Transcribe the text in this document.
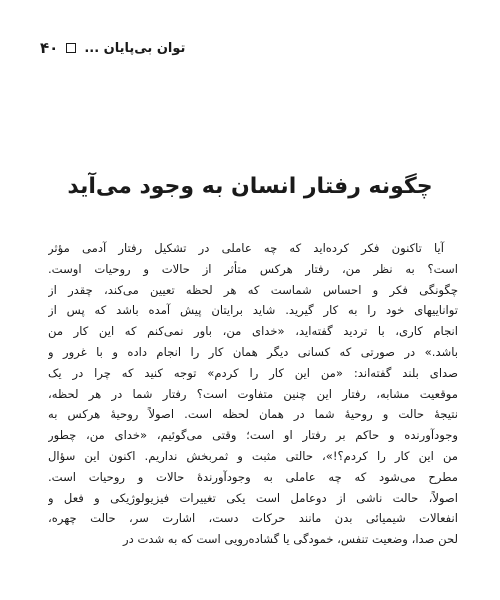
۴۰ توان بی‌پایان ...
چگونه رفتار انسان به وجود می‌آید
آیا تاکنون فکر کرده‌اید که چه عاملی در تشکیل رفتار آدمی مؤثر
است؟ به نظر من، رفتار هر‌کس متأثر از حالات و روحیات اوست.
چگونگی فکر و احساس شماست که هر لحظه تعیین می‌کند، چقدر از
تواناییهای خود را به کار گیرید. شاید برایتان پیش آمده باشد که پس از
انجام کاری، با تردید گفته‌اید، «خدای من، باور نمی‌کنم که این کار من
باشد.» در صورتی که کسانی دیگر همان کار را انجام داده و با غرور و
صدای بلند گفته‌اند: «من این کار را کردم» توجه کنید که چرا در یک
موقعیت مشابه، رفتار این چنین متفاوت است؟ رفتار شما در هر لحظه،
نتیجهٔ حالت و روحیهٔ شما در همان لحظه است. اصولاً روحیهٔ هرکس به
وجودآورنده و حاکم بر رفتار او است؛ وقتی می‌گوئیم، «خدای من، چطور
من این کار را کردم؟!»، حالتی مثبت و ثمربخش نداریم. اکنون این سؤال
مطرح می‌شود که چه عاملی به وجودآورندهٔ حالات و روحیات است.
اصولاً، حالت ناشی از دوعامل است یکی تغییرات فیزیولوژیکی و فعل و
انفعالات شیمیائی بدن مانند حرکات دست، اشارت سر، حالت چهره،
لحن صدا، وضعیت تنفس، خمودگی یا گشاده‌رویی است که به شدت در
